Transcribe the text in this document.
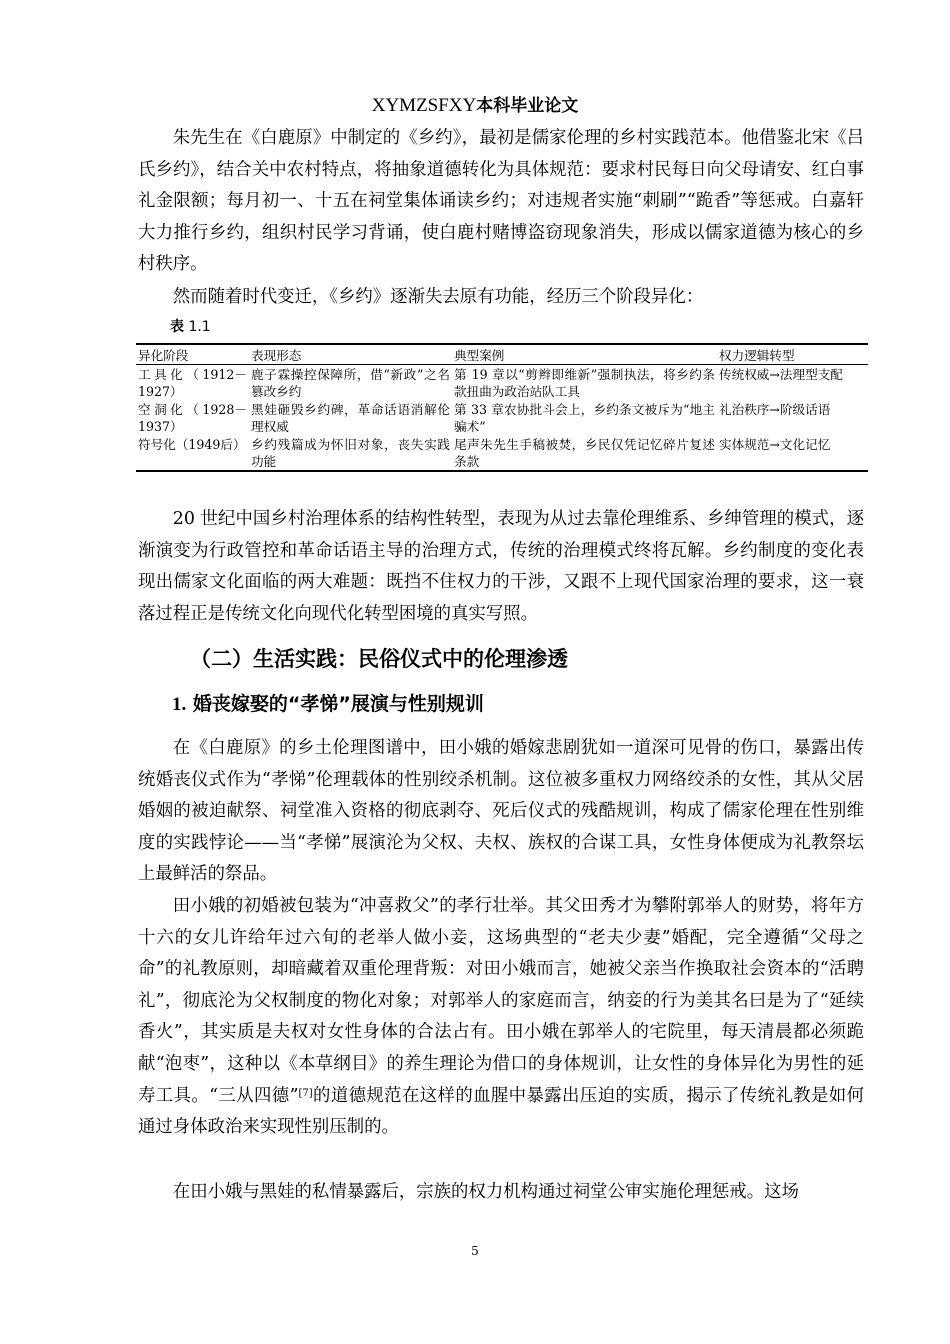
XYMZSFXY本科毕业论文

朱先生在《白鹿原》中制定的《乡约》，最初是儒家伦理的乡村实践范本。他借鉴北宋《吕氏乡约》，结合关中农村特点，将抽象道德转化为具体规范：要求村民每日向父母请安、红白事礼金限额；每月初一、十五在祠堂集体诵读乡约；对违规者实施“刺刷”“跪香”等惩戒。白嘉轩大力推行乡约，组织村民学习背诵，使白鹿村赌博盗窃现象消失，形成以儒家道德为核心的乡村秩序。

然而随着时代变迁，《乡约》逐渐失去原有功能，经历三个阶段异化：

表 1.1
异化阶段	表现形态	典型案例	权力逻辑转型
工具化（1912－1927）	鹿子霖操控保障所，借“新政”之名篡改乡约	第 19 章以“剪辫即维新”强制执法，将乡约条款扭曲为政治站队工具	传统权威→法理型支配
空洞化（1928－1937）	黑娃砸毁乡约碑，革命话语消解伦理权威	第 33 章农协批斗会上，乡约条文被斥为“地主骗术”	礼治秩序→阶级话语
符号化（1949后）	乡约残篇成为怀旧对象，丧失实践功能	尾声朱先生手稿被焚，乡民仅凭记忆碎片复述条款	实体规范→文化记忆

20 世纪中国乡村治理体系的结构性转型，表现为从过去靠伦理维系、乡绅管理的模式，逐渐演变为行政管控和革命话语主导的治理方式，传统的治理模式终将瓦解。乡约制度的变化表现出儒家文化面临的两大难题：既挡不住权力的干涉，又跟不上现代国家治理的要求，这一衰落过程正是传统文化向现代化转型困境的真实写照。

（二）生活实践：民俗仪式中的伦理渗透
1. 婚丧嫁娶的“孝悌”展演与性别规训

在《白鹿原》的乡土伦理图谱中，田小娥的婚嫁悲剧犹如一道深可见骨的伤口，暴露出传统婚丧仪式作为“孝悌”伦理载体的性别绞杀机制。这位被多重权力网络绞杀的女性，其从父居婚姻的被迫献祭、祠堂准入资格的彻底剥夺、死后仪式的残酷规训，构成了儒家伦理在性别维度的实践悖论——当“孝悌”展演沦为父权、夫权、族权的合谋工具，女性身体便成为礼教祭坛上最鲜活的祭品。

田小娥的初婚被包装为“冲喜救父”的孝行壮举。其父田秀才为攀附郭举人的财势，将年方十六的女儿许给年过六旬的老举人做小妾，这场典型的“老夫少妻”婚配，完全遵循“父母之命”的礼教原则，却暗藏着双重伦理背叛：对田小娥而言，她被父亲当作换取社会资本的“活聘礼”，彻底沦为父权制度的物化对象；对郭举人的家庭而言，纳妾的行为美其名曰是为了“延续香火”，其实质是夫权对女性身体的合法占有。田小娥在郭举人的宅院里，每天清晨都必须跪献“泡枣”，这种以《本草纲目》的养生理论为借口的身体规训，让女性的身体异化为男性的延寿工具。“三从四德”[7]的道德规范在这样的血腥中暴露出压迫的实质，揭示了传统礼教是如何通过身体政治来实现性别压制的。

在田小娥与黑娃的私情暴露后，宗族的权力机构通过祠堂公审实施伦理惩戒。这场

5
